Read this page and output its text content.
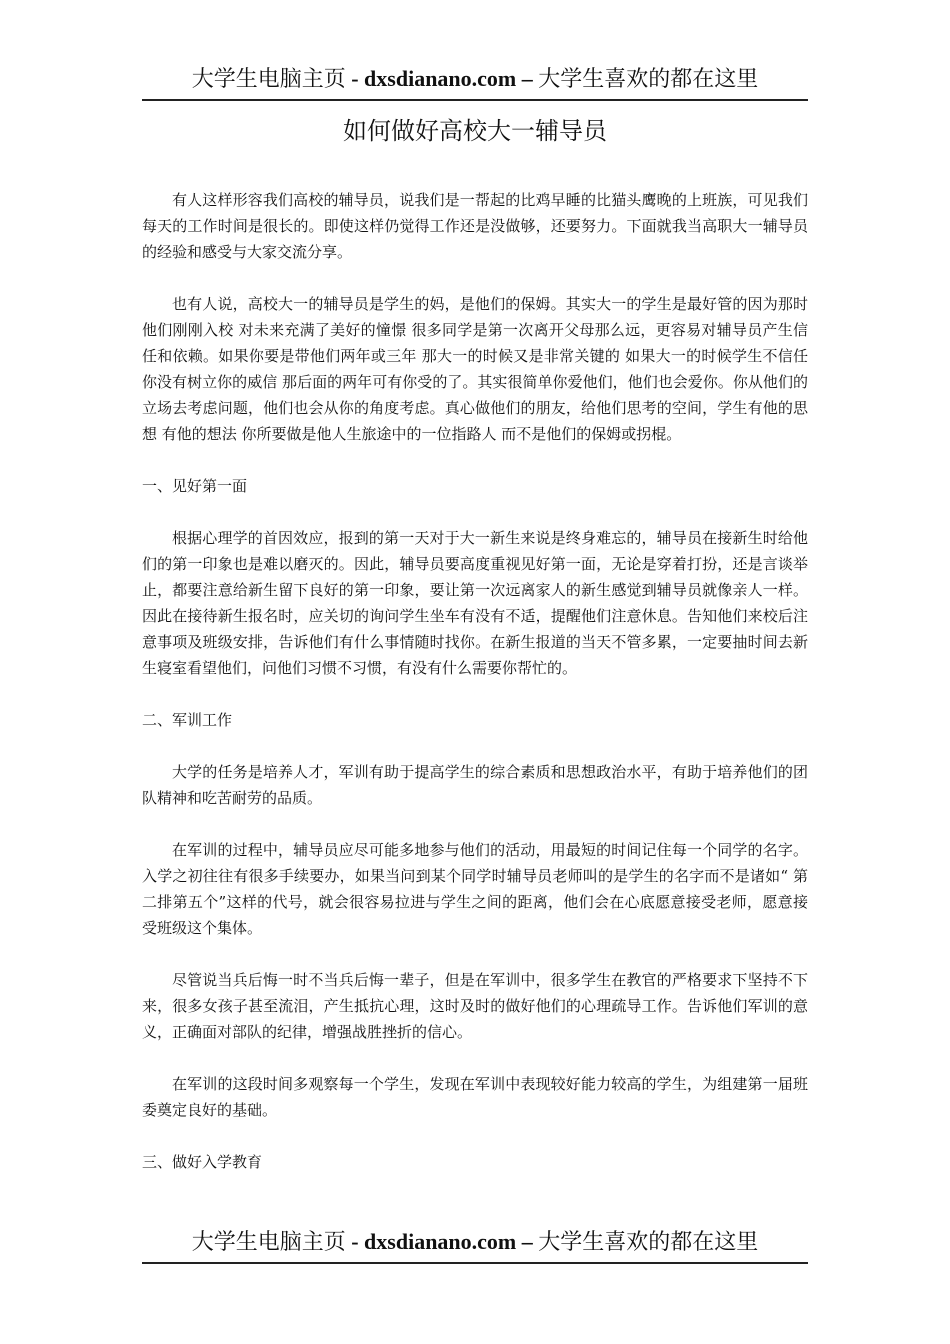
大学生电脑主页 - dxsdianano.com – 大学生喜欢的都在这里
如何做好高校大一辅导员

有人这样形容我们高校的辅导员，说我们是一帮起的比鸡早睡的比猫头鹰晚的上班族，可见我们每天的工作时间是很长的。即使这样仍觉得工作还是没做够，还要努力。下面就我当高职大一辅导员的经验和感受与大家交流分享。

也有人说，高校大一的辅导员是学生的妈，是他们的保姆。其实大一的学生是最好管的因为那时他们刚刚入校 对未来充满了美好的憧憬 很多同学是第一次离开父母那么远，更容易对辅导员产生信任和依赖。如果你要是带他们两年或三年 那大一的时候又是非常关键的 如果大一的时候学生不信任你没有树立你的威信 那后面的两年可有你受的了。其实很简单你爱他们，他们也会爱你。你从他们的立场去考虑问题，他们也会从你的角度考虑。真心做他们的朋友，给他们思考的空间，学生有他的思想 有他的想法 你所要做是他人生旅途中的一位指路人 而不是他们的保姆或拐棍。

一、见好第一面

根据心理学的首因效应，报到的第一天对于大一新生来说是终身难忘的，辅导员在接新生时给他们的第一印象也是难以磨灭的。因此，辅导员要高度重视见好第一面，无论是穿着打扮，还是言谈举止，都要注意给新生留下良好的第一印象，要让第一次远离家人的新生感觉到辅导员就像亲人一样。因此在接待新生报名时，应关切的询问学生坐车有没有不适，提醒他们注意休息。告知他们来校后注意事项及班级安排，告诉他们有什么事情随时找你。在新生报道的当天不管多累，一定要抽时间去新生寝室看望他们，问他们习惯不习惯，有没有什么需要你帮忙的。

二、军训工作

大学的任务是培养人才，军训有助于提高学生的综合素质和思想政治水平，有助于培养他们的团队精神和吃苦耐劳的品质。

在军训的过程中，辅导员应尽可能多地参与他们的活动，用最短的时间记住每一个同学的名字。入学之初往往有很多手续要办，如果当问到某个同学时辅导员老师叫的是学生的名字而不是诸如“ 第二排第五个”这样的代号，就会很容易拉进与学生之间的距离，他们会在心底愿意接受老师，愿意接受班级这个集体。

尽管说当兵后悔一时不当兵后悔一辈子，但是在军训中，很多学生在教官的严格要求下坚持不下来，很多女孩子甚至流泪，产生抵抗心理，这时及时的做好他们的心理疏导工作。告诉他们军训的意义，正确面对部队的纪律，增强战胜挫折的信心。

在军训的这段时间多观察每一个学生，发现在军训中表现较好能力较高的学生，为组建第一届班委奠定良好的基础。

三、做好入学教育

大学生电脑主页 - dxsdianano.com – 大学生喜欢的都在这里
